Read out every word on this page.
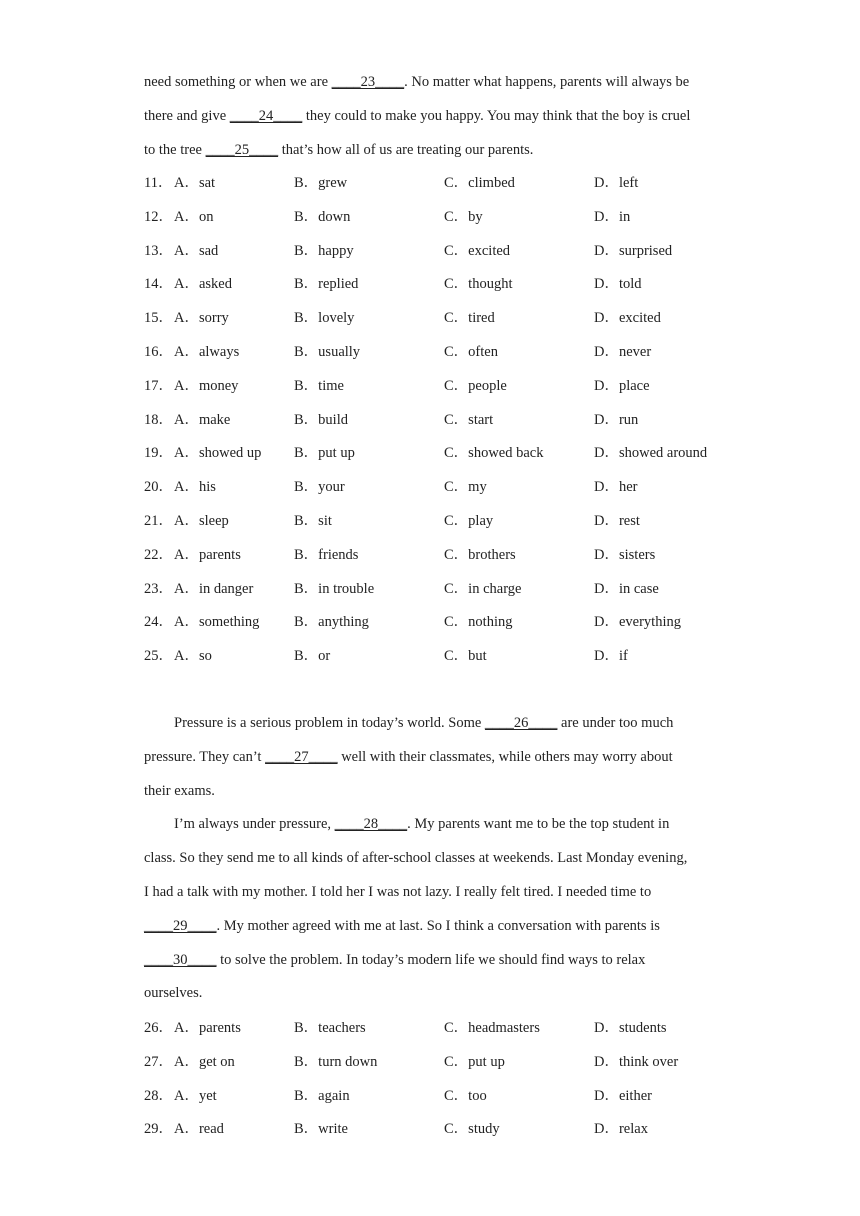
need something or when we are ____23____. No matter what happens, parents will always be
there and give ____24____ they could to make you happy. You may think that the boy is cruel
to the tree ____25____ that’s how all of us are treating our parents.
11． A．sat	B．grew	C．climbed	D．left
12． A．on	B．down	C．by	D．in
13． A．sad	B．happy	C．excited	D．surprised
14． A．asked	B．replied	C．thought	D．told
15． A．sorry	B．lovely	C．tired	D．excited
16． A．always	B．usually	C．often	D．never
17． A．money	B．time	C．people	D．place
18． A．make	B．build	C．start	D．run
19． A．showed up B．put up	C．showed back	D．showed around
20． A．his	B．your	C．my	D．her
21． A．sleep	B．sit	C．play	D．rest
22． A．parents	B．friends	C．brothers	D．sisters
23． A．in danger	B．in trouble	C．in charge	D．in case
24． A．something B．anything	C．nothing	D．everything
25． A．so	B．or	C．but	D．if
Pressure is a serious problem in today’s world. Some ____26____ are under too much
pressure. They can’t ____27____ well with their classmates, while others may worry about
their exams.
I’m always under pressure, ____28____. My parents want me to be the top student in
class. So they send me to all kinds of after-school classes at weekends. Last Monday evening,
I had a talk with my mother. I told her I was not lazy. I really felt tired. I needed time to
____29____. My mother agreed with me at last. So I think a conversation with parents is
____30____ to solve the problem. In today’s modern life we should find ways to relax
ourselves.
26． A．parents	B．teachers	C．headmasters	D．students
27． A．get on	B．turn down	C．put up	D．think over
28． A．yet	B．again	C．too	D．either
29． A．read	B．write	C．study	D．relax
